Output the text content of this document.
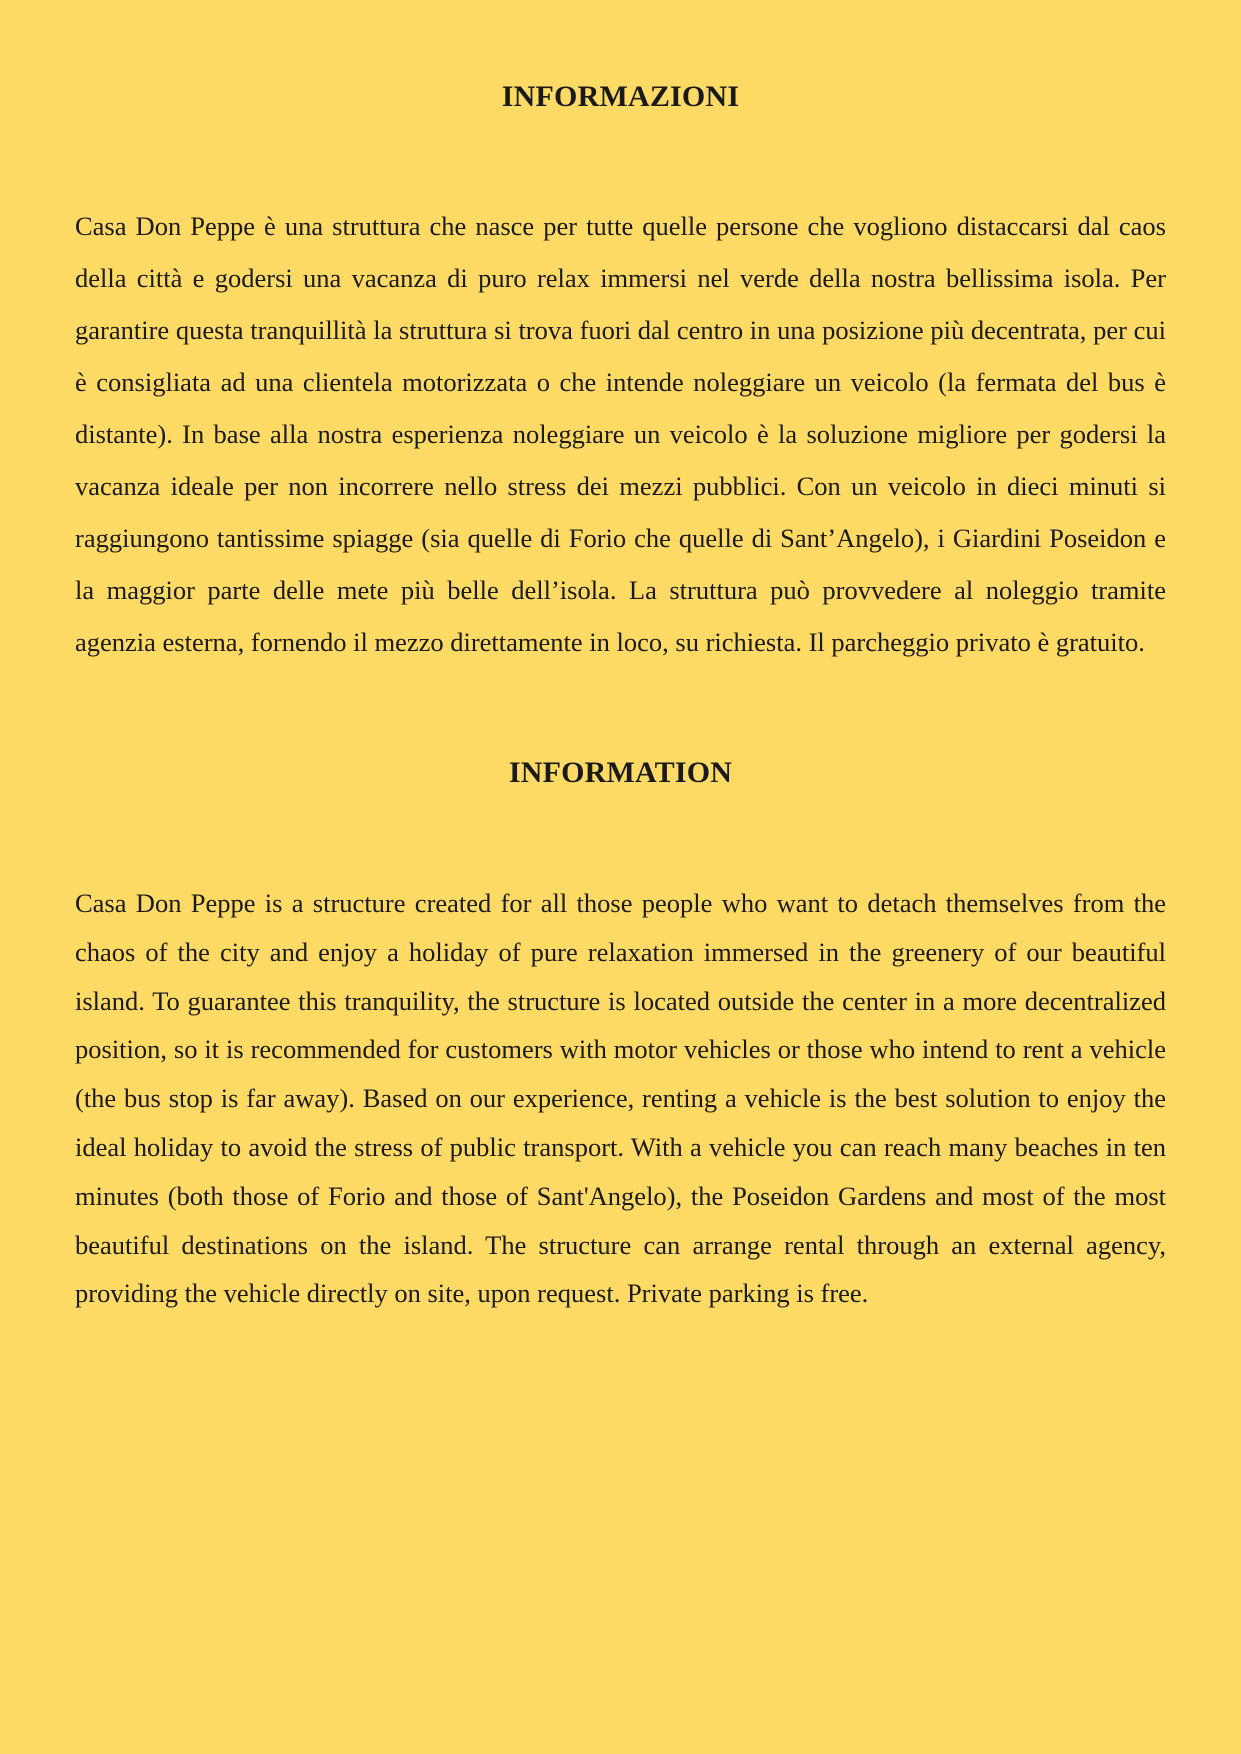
INFORMAZIONI

Casa Don Peppe è una struttura che nasce per tutte quelle persone che vogliono distaccarsi dal caos della città e godersi una vacanza di puro relax immersi nel verde della nostra bellissima isola. Per garantire questa tranquillità la struttura si trova fuori dal centro in una posizione più decentrata, per cui è consigliata ad una clientela motorizzata o che intende noleggiare un veicolo (la fermata del bus è distante). In base alla nostra esperienza noleggiare un veicolo è la soluzione migliore per godersi la vacanza ideale per non incorrere nello stress dei mezzi pubblici. Con un veicolo in dieci minuti si raggiungono tantissime spiagge (sia quelle di Forio che quelle di Sant’Angelo), i Giardini Poseidon e la maggior parte delle mete più belle dell’isola. La struttura può provvedere al noleggio tramite agenzia esterna, fornendo il mezzo direttamente in loco, su richiesta. Il parcheggio privato è gratuito.

INFORMATION

Casa Don Peppe is a structure created for all those people who want to detach themselves from the chaos of the city and enjoy a holiday of pure relaxation immersed in the greenery of our beautiful island. To guarantee this tranquility, the structure is located outside the center in a more decentralized position, so it is recommended for customers with motor vehicles or those who intend to rent a vehicle (the bus stop is far away). Based on our experience, renting a vehicle is the best solution to enjoy the ideal holiday to avoid the stress of public transport. With a vehicle you can reach many beaches in ten minutes (both those of Forio and those of Sant'Angelo), the Poseidon Gardens and most of the most beautiful destinations on the island. The structure can arrange rental through an external agency, providing the vehicle directly on site, upon request. Private parking is free.
